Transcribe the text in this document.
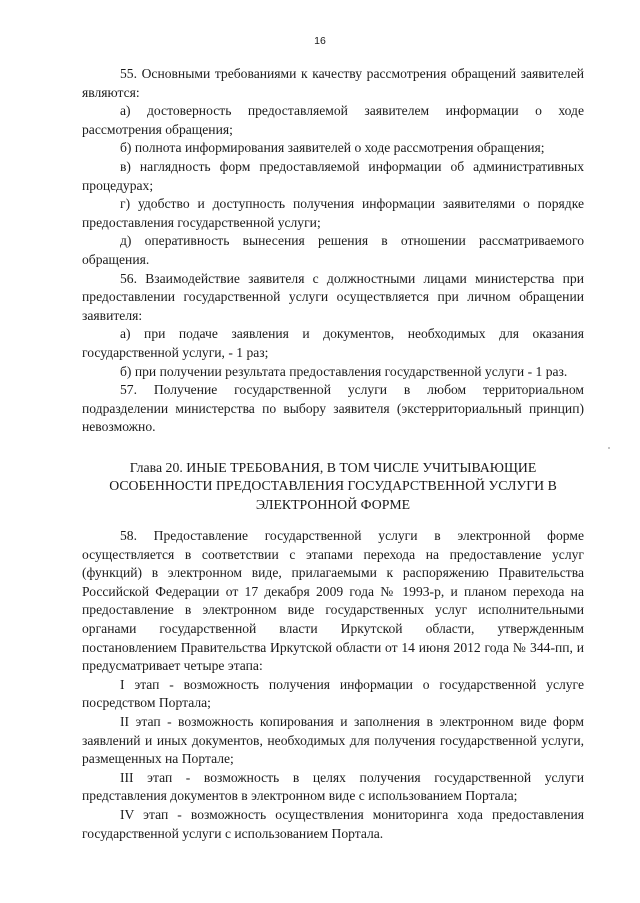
16

55. Основными требованиями к качеству рассмотрения обращений заявителей являются:

а) достоверность предоставляемой заявителем информации о ходе рассмотрения обращения;

б) полнота информирования заявителей о ходе рассмотрения обращения;

в) наглядность форм предоставляемой информации об административных процедурах;

г) удобство и доступность получения информации заявителями о порядке предоставления государственной услуги;

д) оперативность вынесения решения в отношении рассматриваемого обращения.

56. Взаимодействие заявителя с должностными лицами министерства при предоставлении государственной услуги осуществляется при личном обращении заявителя:

а) при подаче заявления и документов, необходимых для оказания государственной услуги, - 1 раз;

б) при получении результата предоставления государственной услуги - 1 раз.

57. Получение государственной услуги в любом территориальном подразделении министерства по выбору заявителя (экстерриториальный принцип) невозможно.

Глава 20. ИНЫЕ ТРЕБОВАНИЯ, В ТОМ ЧИСЛЕ УЧИТЫВАЮЩИЕ
ОСОБЕННОСТИ ПРЕДОСТАВЛЕНИЯ ГОСУДАРСТВЕННОЙ УСЛУГИ В
ЭЛЕКТРОННОЙ ФОРМЕ

58. Предоставление государственной услуги в электронной форме осуществляется в соответствии с этапами перехода на предоставление услуг (функций) в электронном виде, прилагаемыми к распоряжению Правительства Российской Федерации от 17 декабря 2009 года № 1993-р, и планом перехода на предоставление в электронном виде государственных услуг исполнительными органами государственной власти Иркутской области, утвержденным постановлением Правительства Иркутской области от 14 июня 2012 года № 344-пп, и предусматривает четыре этапа:

I этап - возможность получения информации о государственной услуге посредством Портала;

II этап - возможность копирования и заполнения в электронном виде форм заявлений и иных документов, необходимых для получения государственной услуги, размещенных на Портале;

III этап - возможность в целях получения государственной услуги представления документов в электронном виде с использованием Портала;

IV этап - возможность осуществления мониторинга хода предоставления государственной услуги с использованием Портала.
